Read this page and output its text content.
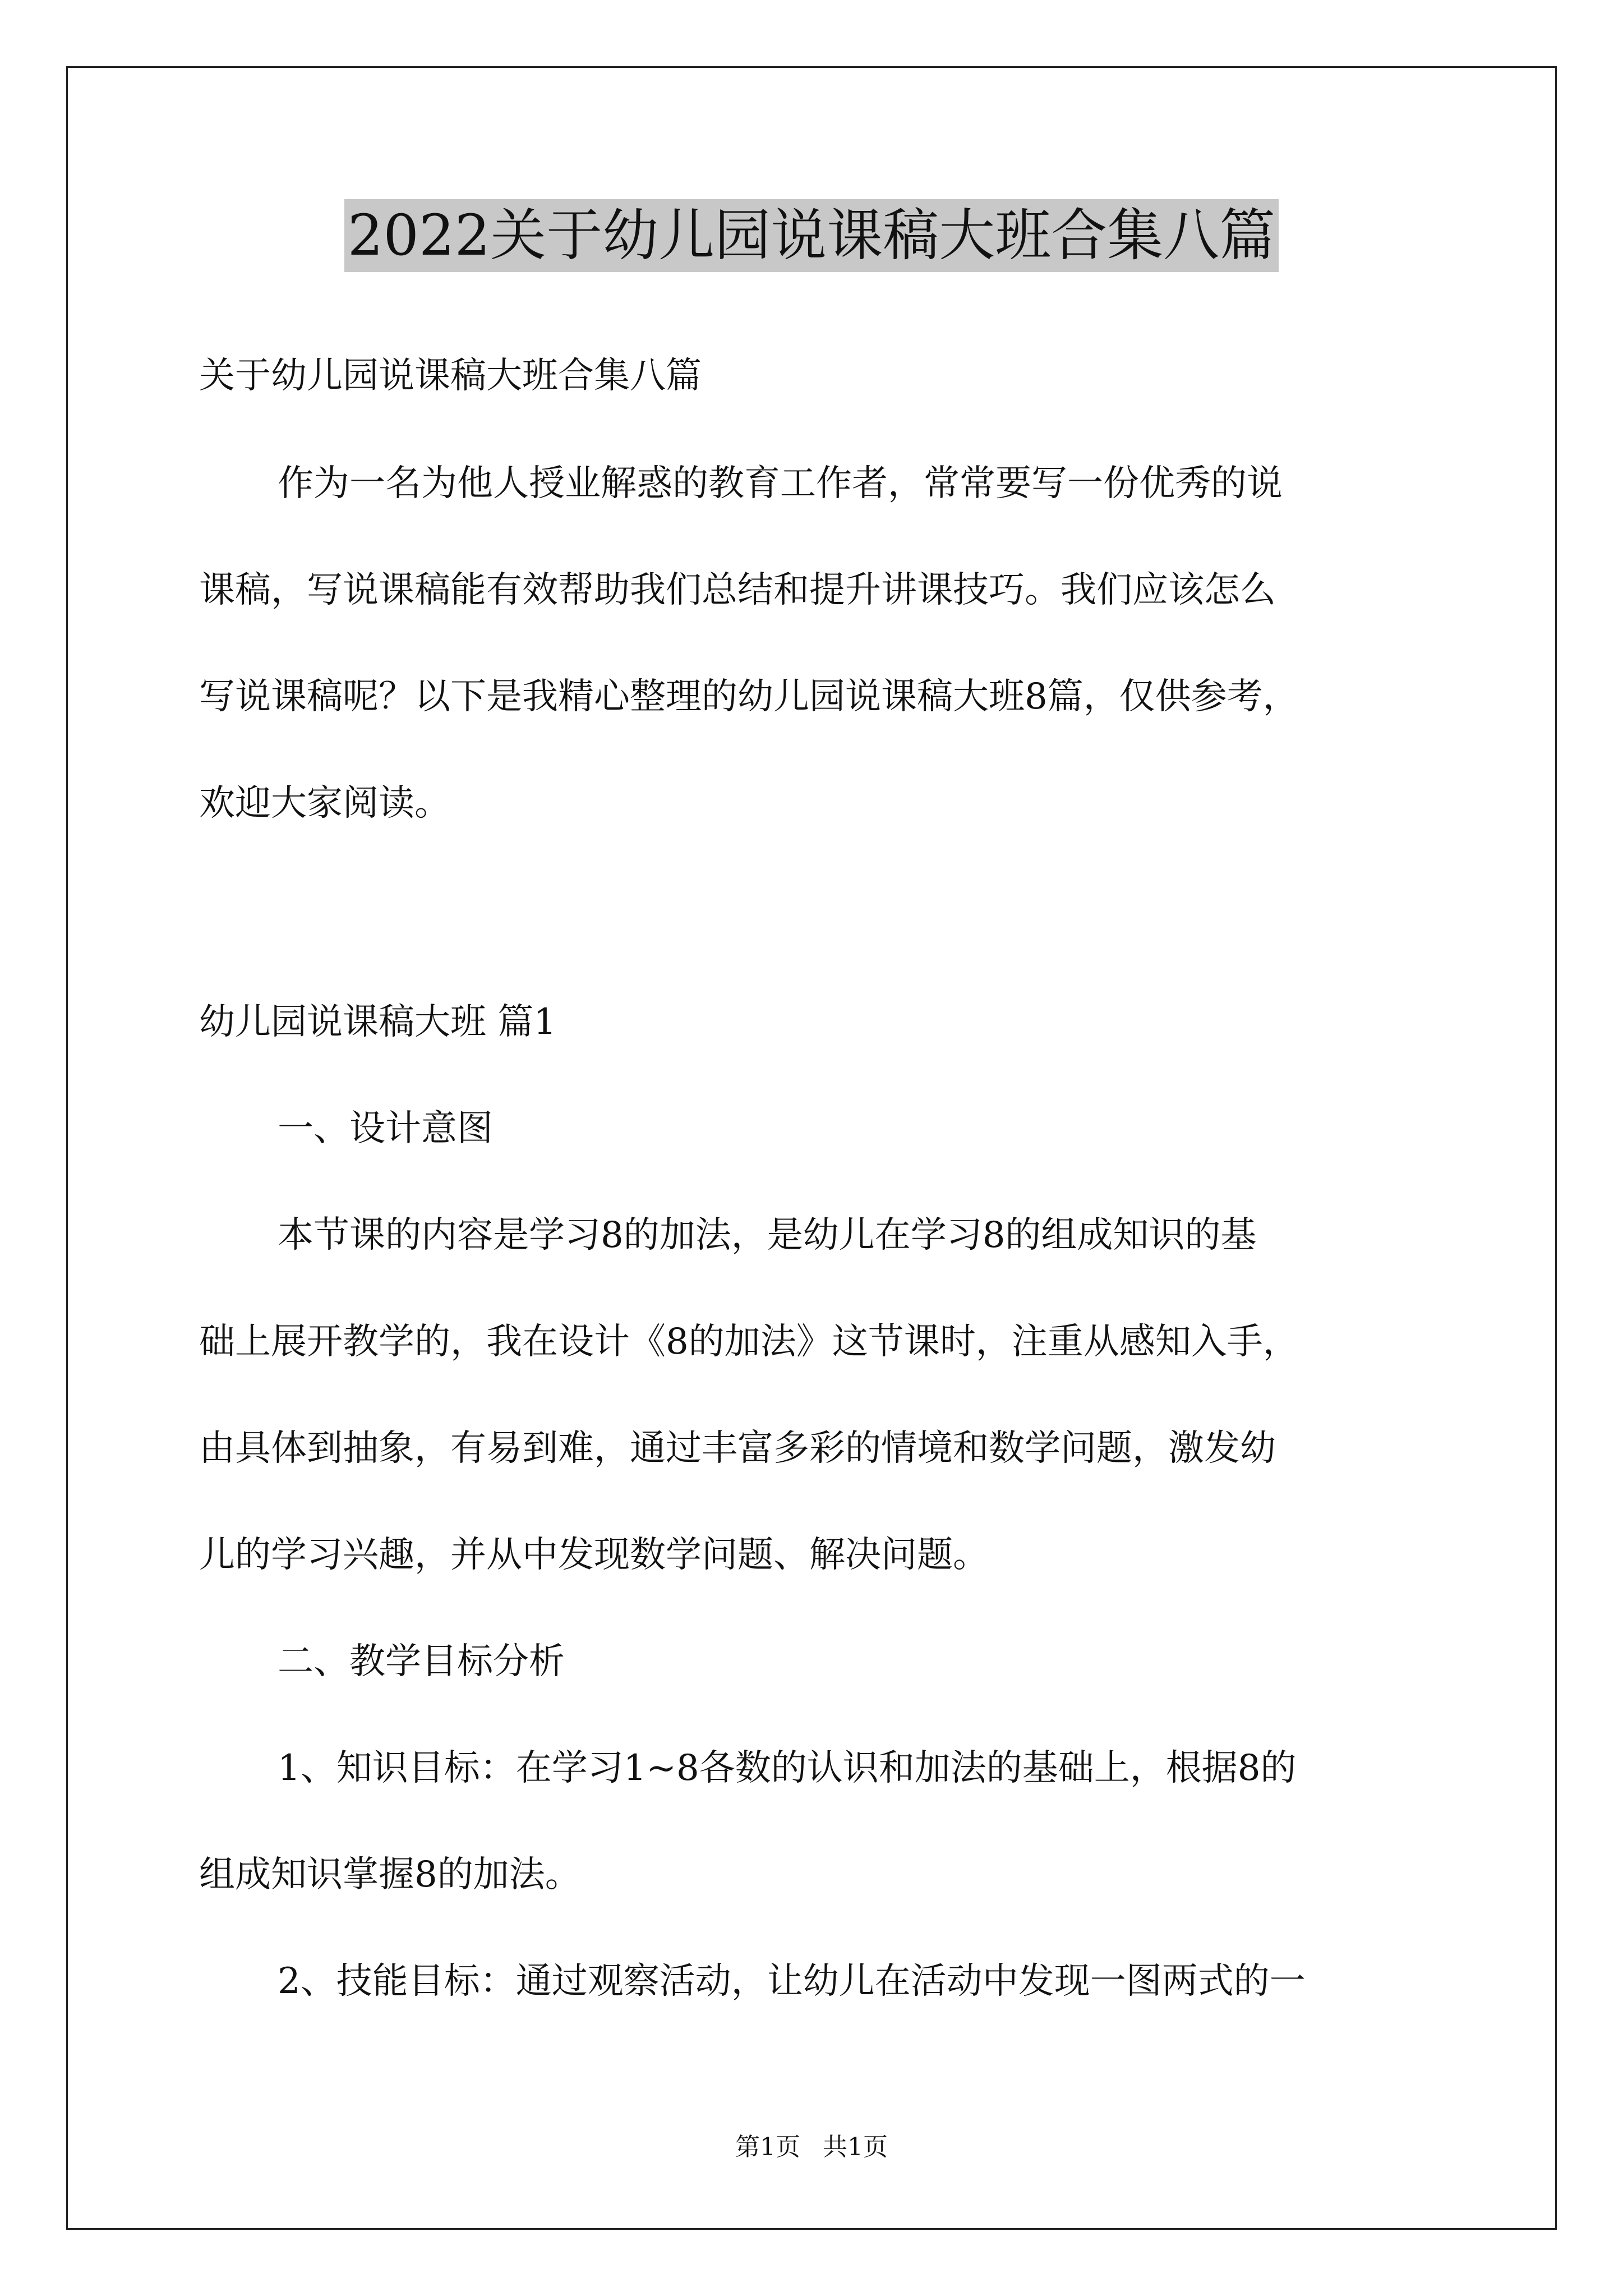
2022关于幼儿园说课稿大班合集八篇
关于幼儿园说课稿大班合集八篇
作为一名为他人授业解惑的教育工作者，常常要写一份优秀的说
课稿，写说课稿能有效帮助我们总结和提升讲课技巧。我们应该怎么
写说课稿呢？以下是我精心整理的幼儿园说课稿大班8篇，仅供参考，
欢迎大家阅读。
幼儿园说课稿大班 篇1
一、设计意图
本节课的内容是学习8的加法，是幼儿在学习8的组成知识的基
础上展开教学的，我在设计《8的加法》这节课时，注重从感知入手，
由具体到抽象，有易到难，通过丰富多彩的情境和数学问题，激发幼
儿的学习兴趣，并从中发现数学问题、解决问题。
二、教学目标分析
1、知识目标：在学习1~8各数的认识和加法的基础上，根据8的
组成知识掌握8的加法。
2、技能目标：通过观察活动，让幼儿在活动中发现一图两式的一
第1页 共1页
